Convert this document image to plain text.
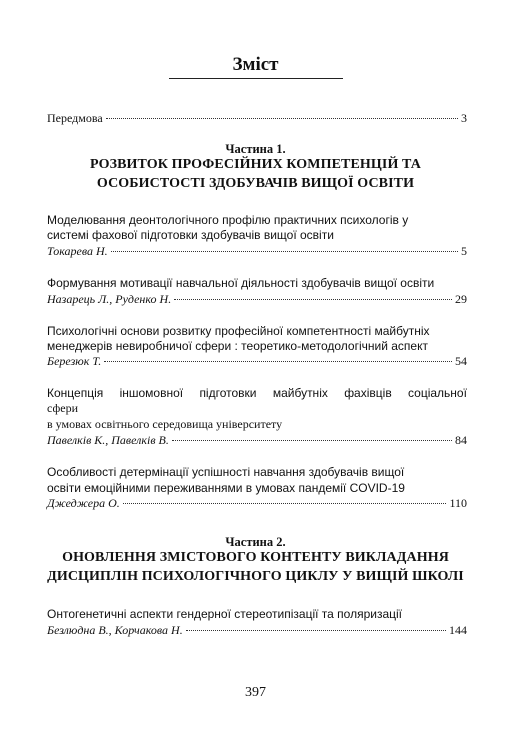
Зміст
Передмова	3
Частина 1.
РОЗВИТОК ПРОФЕСІЙНИХ КОМПЕТЕНЦІЙ ТА
ОСОБИСТОСТІ ЗДОБУВАЧІВ ВИЩОЇ ОСВІТИ
Моделювання деонтологічного профілю практичних психологів у
системі фахової підготовки здобувачів вищої освіти
Токарева Н.	5
Формування мотивації навчальної діяльності здобувачів вищої освіти
Назарець Л., Руденко Н.	29
Психологічні основи розвитку професійної компетентності майбутніх
менеджерів невиробничої сфери : теоретико-методологічний аспект
Березюк Т.	54
Концепція іншомовної підготовки майбутніх фахівців соціальної
сфери
в умовах освітнього середовища університету
Павелків К., Павелків В.	84
Особливості детермінації успішності навчання здобувачів вищої
освіти емоційними переживаннями в умовах пандемії COVID-19
Джеджера О.	110
Частина 2.
ОНОВЛЕННЯ ЗМІСТОВОГО КОНТЕНТУ ВИКЛАДАННЯ
ДИСЦИПЛІН ПСИХОЛОГІЧНОГО ЦИКЛУ У ВИЩІЙ ШКОЛІ
Онтогенетичні аспекти гендерної стереотипізації та поляризації
Безлюдна В., Корчакова Н.	144
397
